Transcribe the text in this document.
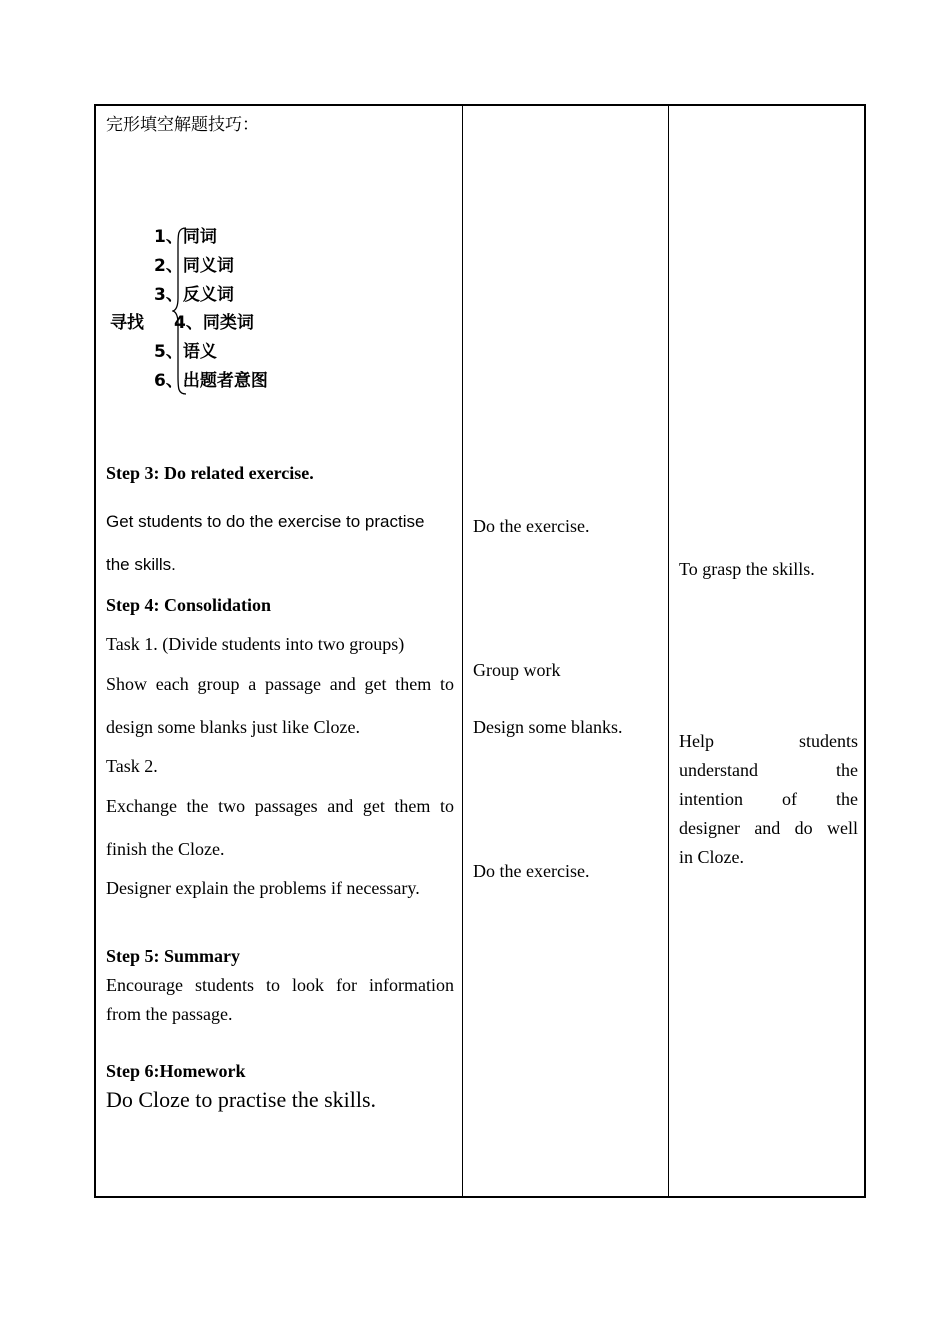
完形填空解题技巧：
1、同词
2、同义词
3、反义词
4、同类词
5、语义
6、出题者意图
寻找
Step 3: Do related exercise.
Get students to do the exercise to practise
the skills.
Step 4: Consolidation
Task 1. (Divide students into two groups)
Show each group a passage and get them to
design some blanks just like Cloze.
Task 2.
Exchange the two passages and get them to
finish the Cloze.
Designer explain the problems if necessary.
Step 5: Summary
Encourage students to look for information
from the passage.
Step 6:Homework
Do Cloze to practise the skills.
Do the exercise.
Group work
Design some blanks.
Do the exercise.
To grasp the skills.
Help students
understand the
intention of the
designer and do well
in Cloze.
